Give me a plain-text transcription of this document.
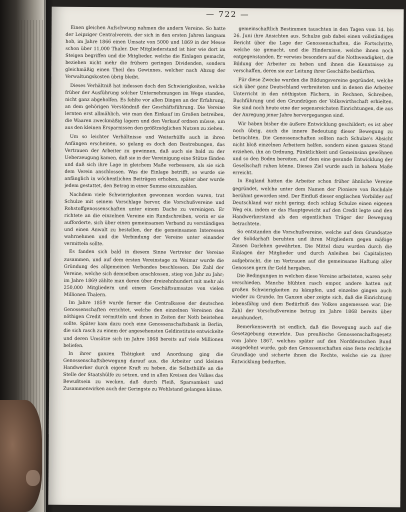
— 722 —

Einen gleichen Aufschwung nahmen die andern Vereine. So hatte der Leipziger Centralverein, der sich in den ersten Jahren langsam hob, im Jahre 1866 einen Umsatz von 5000 und 1869 in der Messe schon über 11,000 Thaler. Der Mitgliederstand ist hier wie dort im Steigen begriffen und die Mitglieder, welche die Einlagen gemacht, beziehen nicht mehr die frühern geringen Dividenden, sondern gleichmäßig einen Theil des Gewinnes, welcher nach Abzug der Verwaltungskosten übrig bleibt.

Dieses Verhältniß hat indessen doch den Schwierigkeiten, welche früher der Ausführung solcher Unternehmungen im Wege standen, nicht ganz abgeholfen. Es fehlte vor allen Dingen an der Erfahrung, an dem gehörigen Verständniß der Geschäftsführung. Die Vereine lernten erst allmählich, wie man den Einkauf im Großen betreiben, die Waaren zweckmäßig lagern und den Verkauf ordnen müsse, um aus den kleinen Ersparnissen den größtmöglichen Nutzen zu ziehen.

Um so leichter Verhältnisse und Weiterhülfe auch in ihren Anfängen erscheinen, so gelang es doch den Bestrebungen, das Vertrauen der Arbeiter zu gewinnen, daß auch sie bald zu der Ueberzeugung kamen, daß sie in der Vereinigung eine Stütze fänden und daß sich ihre Lage in gleichem Maße verbessere, als sie sich dem Verein anschlossen. Was die Einlage betrifft, so wurde sie anfänglich in wöchentlichen Beiträgen erhoben, später aber wurde jedem gestattet, den Betrag in einer Summe einzuzahlen.

Nachdem viele Schwierigkeiten gewonnen worden waren, trat Schulze mit seinem Vorschlage hervor, die Vorschußvereine und Rohstoffgenossenschaften unter einem Dache zu vereinigen. Er richtete an die einzelnen Vereine ein Rundschreiben, worin er sie aufforderte, sich über einen gemeinsamen Verband zu verständigen und einen Anwalt zu bestellen, der die gemeinsamen Interessen wahrnehmen und die Verbindung der Vereine unter einander vermitteln sollte.

Es fanden sich bald in diesem Sinne Vertreter der Vereine zusammen, und auf dem ersten Vereinstage zu Weimar wurde die Gründung des allgemeinen Verbandes beschlossen. Die Zahl der Vereine, welche sich demselben anschlossen, stieg von Jahr zu Jahr; im Jahre 1869 zählte man deren über dreizehnhundert mit mehr als 250,000 Mitgliedern und einem Geschäftsumsatze von vielen Millionen Thalern.

Im Jahre 1859 wurde ferner die Centralkasse der deutschen Genossenschaften errichtet, welche den einzelnen Vereinen den nöthigen Credit vermitteln und ihnen in Zeiten der Noth beistehen sollte. Später kam dazu noch eine Genossenschaftsbank in Berlin, die sich rasch zu einem der angesehensten Geldinstitute entwickelte und deren Umsätze sich im Jahre 1868 bereits auf viele Millionen beliefen.

In ihrer ganzen Thätigkeit und Anordnung ging die Genossenschaftsbewegung darauf aus, die Arbeiter und kleinen Handwerker durch eigene Kraft zu heben, die Selbsthülfe an die Stelle der Staatshülfe zu setzen, und in allen Kreisen des Volkes das Bewußtsein zu wecken, daß durch Fleiß, Sparsamkeit und Zusammenwirken auch der Geringste zu Wohlstand gelangen könne.

gemeinschaftlich Bestimmen tauschten in den Tagen vom 14. bis 26. Juni ihre Ansichten aus. Schulze gab dabei einen vollständigen Bericht über die Lage der Genossenschaften, die Fortschritte, welche sie gemacht, und die Hindernisse, welche ihnen noch entgegenstanden. Er verwies besonders auf die Nothwendigkeit, die Bildung der Arbeiter zu heben und ihnen die Kenntnisse zu verschaffen, deren sie zur Leitung ihrer Geschäfte bedürften.

Für diese Zwecke wurden die Bildungsvereine gegründet, welche sich über ganz Deutschland verbreiteten und in denen die Arbeiter Unterricht in den nöthigsten Fächern, in Rechnen, Schreiben, Buchführung und den Grundzügen der Volkswirthschaft erhielten. Sie sind noch heute eine der segensreichsten Einrichtungen, die aus der Anregung jener Jahre hervorgegangen sind.

Wir haben bisher die äußere Entwicklung geschildert; es ist aber noch übrig, auch die innere Bedeutung dieser Bewegung zu betrachten. Die Genossenschaften sollten nach Schulze's Absicht nicht bloß einzelnen Arbeitern helfen, sondern einen ganzen Stand erziehen, ihn an Ordnung, Pünktlichkeit und Gemeinsinn gewöhnen und so den Boden bereiten, auf dem eine gesunde Entwicklung der Gesellschaft ruhen könne. Dieses Ziel wurde auch in hohem Maße erreicht.

In England hatten die Arbeiter schon früher ähnliche Vereine gegründet, welche unter dem Namen der Pioniere von Rochdale berühmt geworden sind. Der Einfluß dieser englischen Vorbilder auf Deutschland war nicht gering; doch schlug Schulze einen eigenen Weg ein, indem er das Hauptgewicht auf den Credit legte und den Handwerkerstand als den eigentlichen Träger der Bewegung betrachtete.

So entstanden die Vorschußvereine, welche auf dem Grundsatze der Solidarhaft beruhten und ihren Mitgliedern gegen mäßige Zinsen Darlehen gewährten. Die Mittel dazu wurden durch die Einlagen der Mitglieder und durch Anleihen bei Capitalisten aufgebracht, die im Vertrauen auf die gemeinsame Haftung aller Genossen gern ihr Geld hergaben.

Die Bedingungen in welchen diese Vereine arbeiteten, waren sehr verschieden. Manche blühten rasch empor, andere hatten mit großen Schwierigkeiten zu kämpfen, und einzelne gingen auch wieder zu Grunde. Im Ganzen aber zeigte sich, daß die Einrichtung lebensfähig und dem Bedürfniß des Volkes angemessen war. Die Zahl der Vorschußvereine betrug im Jahre 1868 bereits über neunhundert.

Bemerkenswerth ist endlich, daß die Bewegung auch auf die Gesetzgebung einwirkte. Das preußische Genossenschaftsgesetz vom Jahre 1867, welches später auf den Norddeutschen Bund ausgedehnt wurde, gab den Genossenschaften eine feste rechtliche Grundlage und sicherte ihnen die Rechte, welche sie zu ihrer Entwicklung bedurften.
